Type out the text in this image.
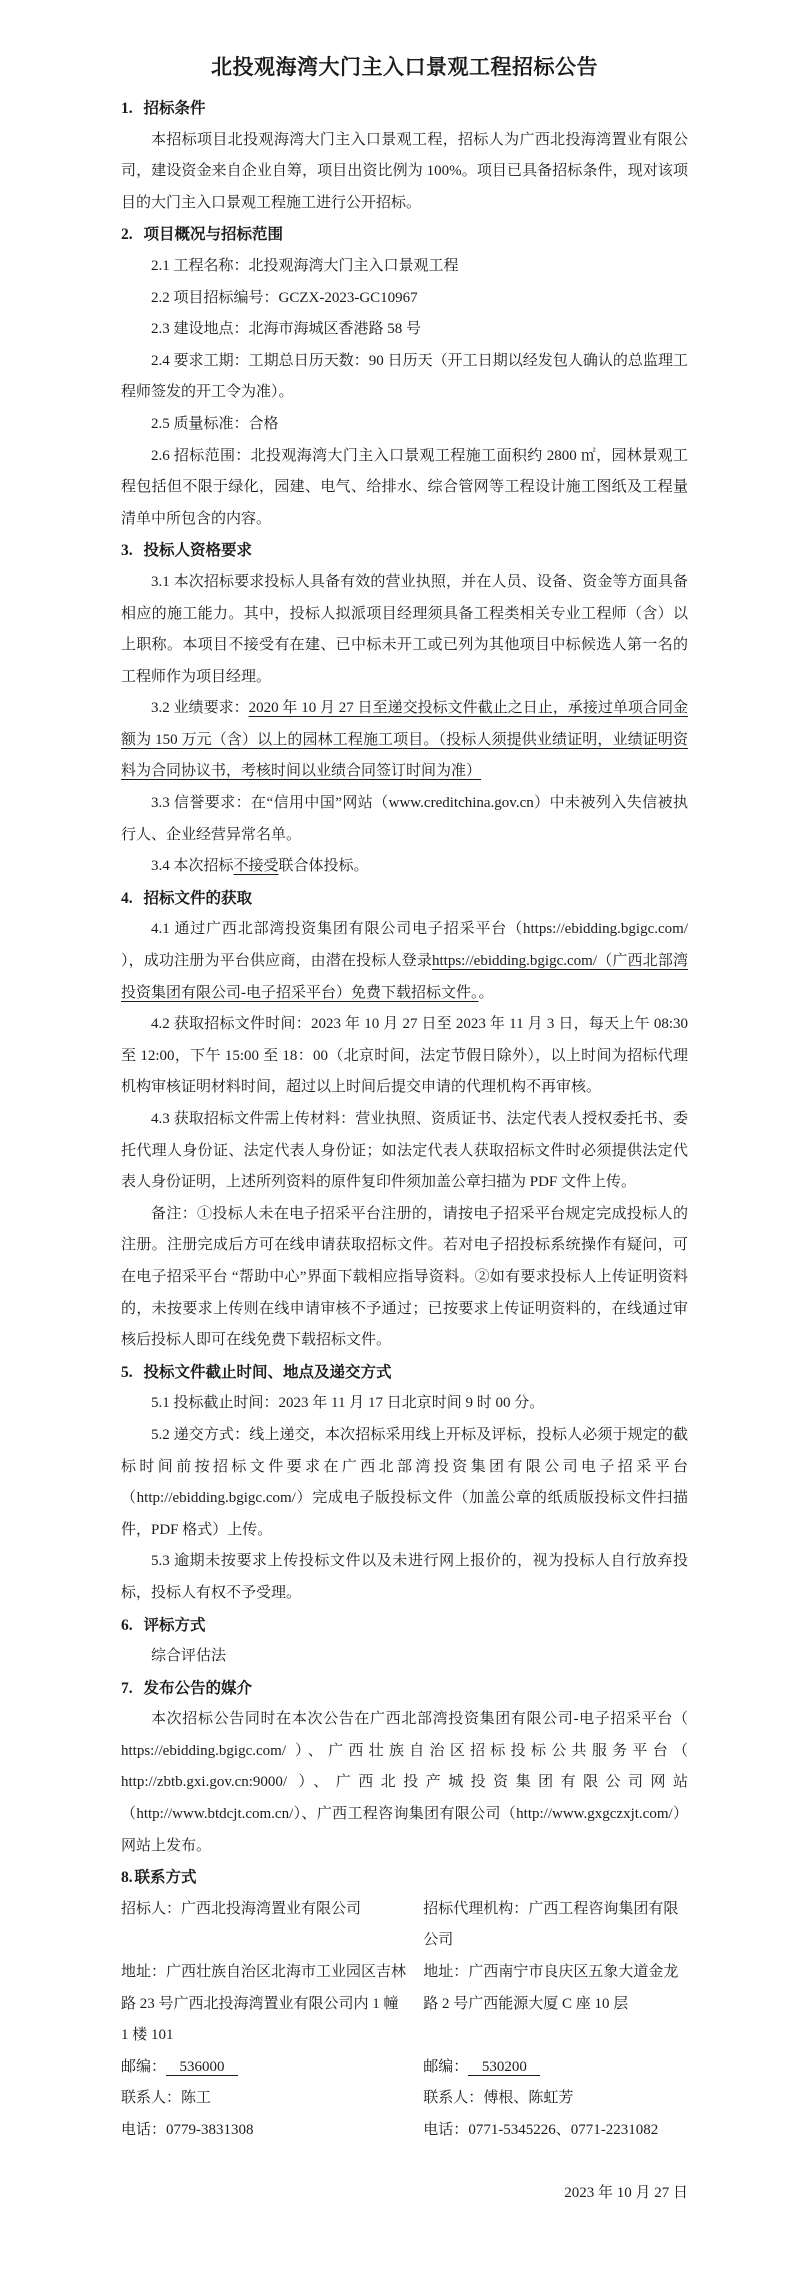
北投观海湾大门主入口景观工程招标公告
1. 招标条件

本招标项目北投观海湾大门主入口景观工程，招标人为广西北投海湾置业有限公司，建设资金来自企业自筹，项目出资比例为 100%。项目已具备招标条件，现对该项目的大门主入口景观工程施工进行公开招标。

2. 项目概况与招标范围

2.1 工程名称：北投观海湾大门主入口景观工程

2.2 项目招标编号：GCZX-2023-GC10967

2.3 建设地点：北海市海城区香港路 58 号

2.4 要求工期：工期总日历天数：90 日历天（开工日期以经发包人确认的总监理工程师签发的开工令为准）。

2.5 质量标准：合格

2.6 招标范围：北投观海湾大门主入口景观工程施工面积约 2800 ㎡，园林景观工程包括但不限于绿化，园建、电气、给排水、综合管网等工程设计施工图纸及工程量清单中所包含的内容。

3. 投标人资格要求

3.1 本次招标要求投标人具备有效的营业执照，并在人员、设备、资金等方面具备相应的施工能力。其中，投标人拟派项目经理须具备工程类相关专业工程师（含）以上职称。本项目不接受有在建、已中标未开工或已列为其他项目中标候选人第一名的工程师作为项目经理。

3.2 业绩要求：2020 年 10 月 27 日至递交投标文件截止之日止，承接过单项合同金额为 150 万元（含）以上的园林工程施工项目。（投标人须提供业绩证明，业绩证明资料为合同协议书，考核时间以业绩合同签订时间为准）

3.3 信誉要求：在“信用中国”网站（www.creditchina.gov.cn）中未被列入失信被执行人、企业经营异常名单。

3.4 本次招标不接受联合体投标。

4. 招标文件的获取

4.1 通过广西北部湾投资集团有限公司电子招采平台（https://ebidding.bgigc.com/ ），成功注册为平台供应商，由潜在投标人登录https://ebidding.bgigc.com/（广西北部湾投资集团有限公司-电子招采平台）免费下载招标文件。。

4.2 获取招标文件时间：2023 年 10 月 27 日至 2023 年 11 月 3 日，每天上午 08:30 至 12:00，下午 15:00 至 18：00（北京时间，法定节假日除外），以上时间为招标代理机构审核证明材料时间，超过以上时间后提交申请的代理机构不再审核。

4.3 获取招标文件需上传材料：营业执照、资质证书、法定代表人授权委托书、委托代理人身份证、法定代表人身份证；如法定代表人获取招标文件时必须提供法定代表人身份证明，上述所列资料的原件复印件须加盖公章扫描为 PDF 文件上传。

备注：①投标人未在电子招采平台注册的，请按电子招采平台规定完成投标人的注册。注册完成后方可在线申请获取招标文件。若对电子招投标系统操作有疑问，可在电子招采平台 “帮助中心”界面下载相应指导资料。②如有要求投标人上传证明资料的，未按要求上传则在线申请审核不予通过；已按要求上传证明资料的，在线通过审核后投标人即可在线免费下载招标文件。

5. 投标文件截止时间、地点及递交方式

5.1 投标截止时间：2023 年 11 月 17 日北京时间 9 时 00 分。

5.2 递交方式：线上递交，本次招标采用线上开标及评标，投标人必须于规定的截标时间前按招标文件要求在广西北部湾投资集团有限公司电子招采平台（http://ebidding.bgigc.com/）完成电子版投标文件（加盖公章的纸质版投标文件扫描件，PDF 格式）上传。

5.3 逾期未按要求上传投标文件以及未进行网上报价的，视为投标人自行放弃投标，投标人有权不予受理。

6. 评标方式

综合评估法

7. 发布公告的媒介

本次招标公告同时在本次公告在广西北部湾投资集团有限公司-电子招采平台（ https://ebidding.bgigc.com/ ）、广西壮族自治区招标投标公共服务平台（ http://zbtb.gxi.gov.cn:9000/ ）、广西北投产城投资集团有限公司网站（http://www.btdcjt.com.cn/）、广西工程咨询集团有限公司（http://www.gxgczxjt.com/）网站上发布。

8. 联系方式
招标人：广西北投海湾置业有限公司	招标代理机构：广西工程咨询集团有限公司
地址：广西壮族自治区北海市工业园区吉林路 23 号广西北投海湾置业有限公司内 1 幢 1 楼 101	地址：广西南宁市良庆区五象大道金龙路 2 号广西能源大厦 C 座 10 层
邮编： 536000	邮编： 530200
联系人：陈工	联系人：傅根、陈虹芳
电话：0779-3831308	电话：0771-5345226、0771-2231082
2023 年 10 月 27 日
